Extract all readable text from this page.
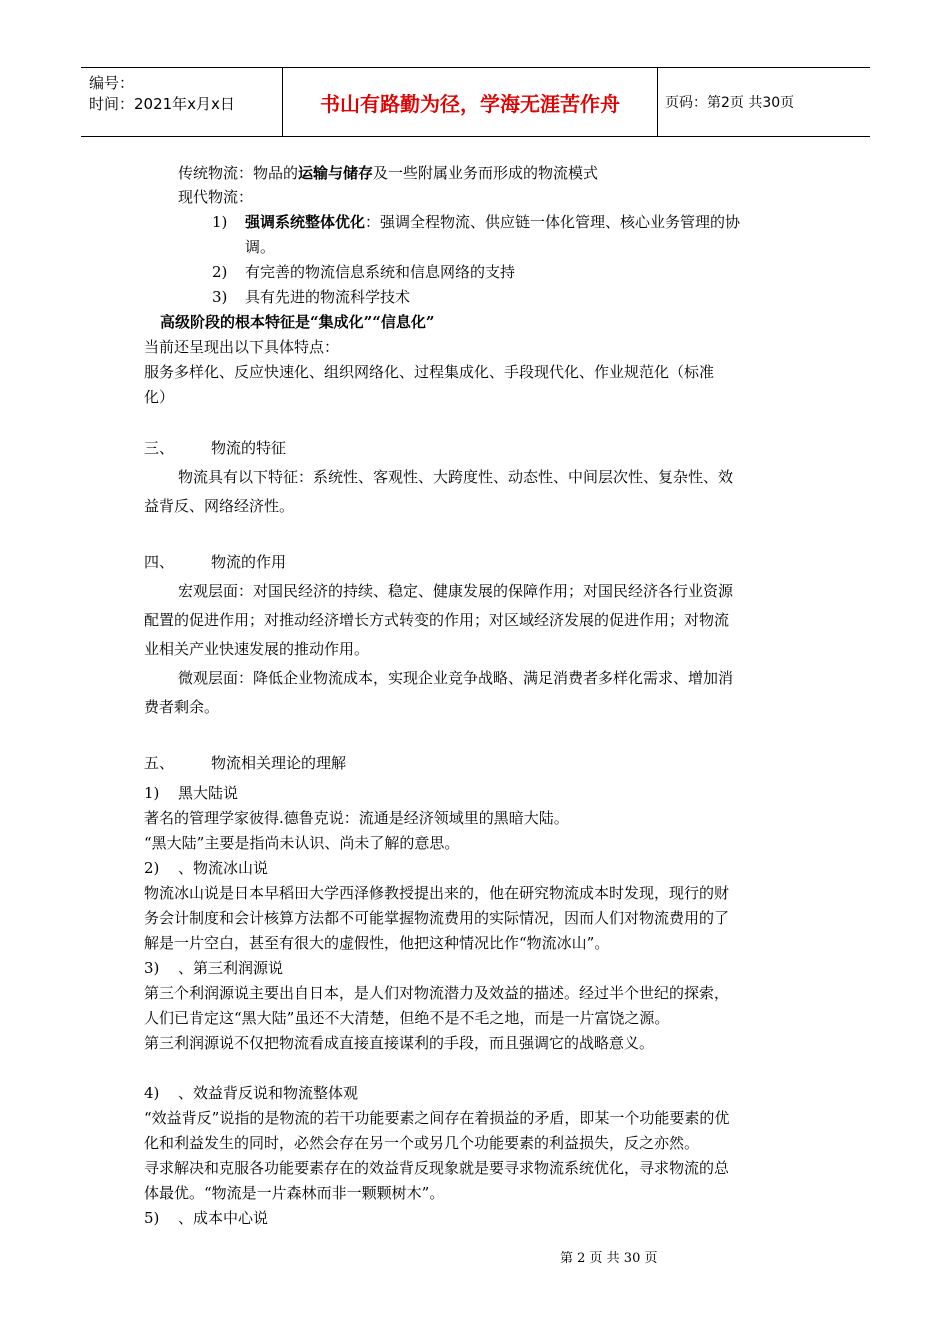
编号：
时间：2021年x月x日	书山有路勤为径，学海无涯苦作舟	页码：第2页 共30页
传统物流：物品的运输与储存及一些附属业务而形成的物流模式
现代物流：
1) 强调系统整体优化：强调全程物流、供应链一体化管理、核心业务管理的协
调。
2) 有完善的物流信息系统和信息网络的支持
3) 具有先进的物流科学技术
高级阶段的根本特征是“集成化”“信息化”
当前还呈现出以下具体特点：
服务多样化、反应快速化、组织网络化、过程集成化、手段现代化、作业规范化（标准
化）
三、 物流的特征
物流具有以下特征：系统性、客观性、大跨度性、动态性、中间层次性、复杂性、效
益背反、网络经济性。
四、 物流的作用
宏观层面：对国民经济的持续、稳定、健康发展的保障作用；对国民经济各行业资源
配置的促进作用；对推动经济增长方式转变的作用；对区域经济发展的促进作用；对物流
业相关产业快速发展的推动作用。
微观层面：降低企业物流成本，实现企业竞争战略、满足消费者多样化需求、增加消
费者剩余。
五、 物流相关理论的理解
1) 黑大陆说
著名的管理学家彼得.德鲁克说：流通是经济领域里的黑暗大陆。
“黑大陆”主要是指尚未认识、尚未了解的意思。
2) 、物流冰山说
物流冰山说是日本早稻田大学西泽修教授提出来的，他在研究物流成本时发现，现行的财
务会计制度和会计核算方法都不可能掌握物流费用的实际情况，因而人们对物流费用的了
解是一片空白，甚至有很大的虚假性，他把这种情况比作“物流冰山”。
3) 、第三利润源说
第三个利润源说主要出自日本，是人们对物流潜力及效益的描述。经过半个世纪的探索，
人们已肯定这“黑大陆”虽还不大清楚，但绝不是不毛之地，而是一片富饶之源。
第三利润源说不仅把物流看成直接直接谋利的手段，而且强调它的战略意义。
4) 、效益背反说和物流整体观
“效益背反”说指的是物流的若干功能要素之间存在着损益的矛盾，即某一个功能要素的优
化和利益发生的同时，必然会存在另一个或另几个功能要素的利益损失，反之亦然。
寻求解决和克服各功能要素存在的效益背反现象就是要寻求物流系统优化，寻求物流的总
体最优。“物流是一片森林而非一颗颗树木”。
5) 、成本中心说
第 2 页 共 30 页
